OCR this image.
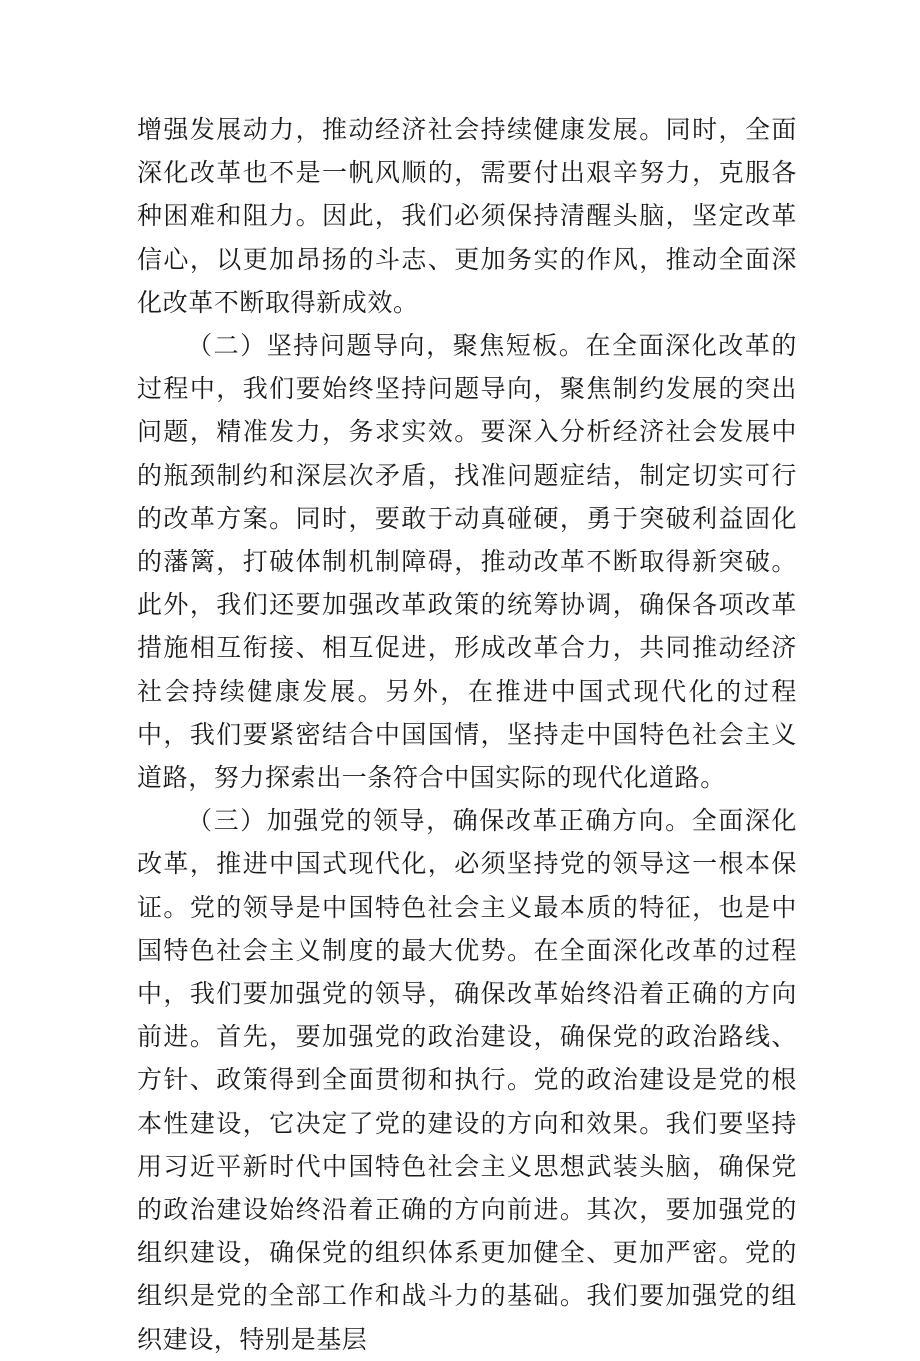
增强发展动力，推动经济社会持续健康发展。同时，全面深化改革也不是一帆风顺的，需要付出艰辛努力，克服各种困难和阻力。因此，我们必须保持清醒头脑，坚定改革信心，以更加昂扬的斗志、更加务实的作风，推动全面深化改革不断取得新成效。

（二）坚持问题导向，聚焦短板。在全面深化改革的过程中，我们要始终坚持问题导向，聚焦制约发展的突出问题，精准发力，务求实效。要深入分析经济社会发展中的瓶颈制约和深层次矛盾，找准问题症结，制定切实可行的改革方案。同时，要敢于动真碰硬，勇于突破利益固化的藩篱，打破体制机制障碍，推动改革不断取得新突破。此外，我们还要加强改革政策的统筹协调，确保各项改革措施相互衔接、相互促进，形成改革合力，共同推动经济社会持续健康发展。另外，在推进中国式现代化的过程中，我们要紧密结合中国国情，坚持走中国特色社会主义道路，努力探索出一条符合中国实际的现代化道路。

（三）加强党的领导，确保改革正确方向。全面深化改革，推进中国式现代化，必须坚持党的领导这一根本保证。党的领导是中国特色社会主义最本质的特征，也是中国特色社会主义制度的最大优势。在全面深化改革的过程中，我们要加强党的领导，确保改革始终沿着正确的方向前进。首先，要加强党的政治建设，确保党的政治路线、方针、政策得到全面贯彻和执行。党的政治建设是党的根本性建设，它决定了党的建设的方向和效果。我们要坚持用习近平新时代中国特色社会主义思想武装头脑，确保党的政治建设始终沿着正确的方向前进。其次，要加强党的组织建设，确保党的组织体系更加健全、更加严密。党的组织是党的全部工作和战斗力的基础。我们要加强党的组织建设，特别是基层
